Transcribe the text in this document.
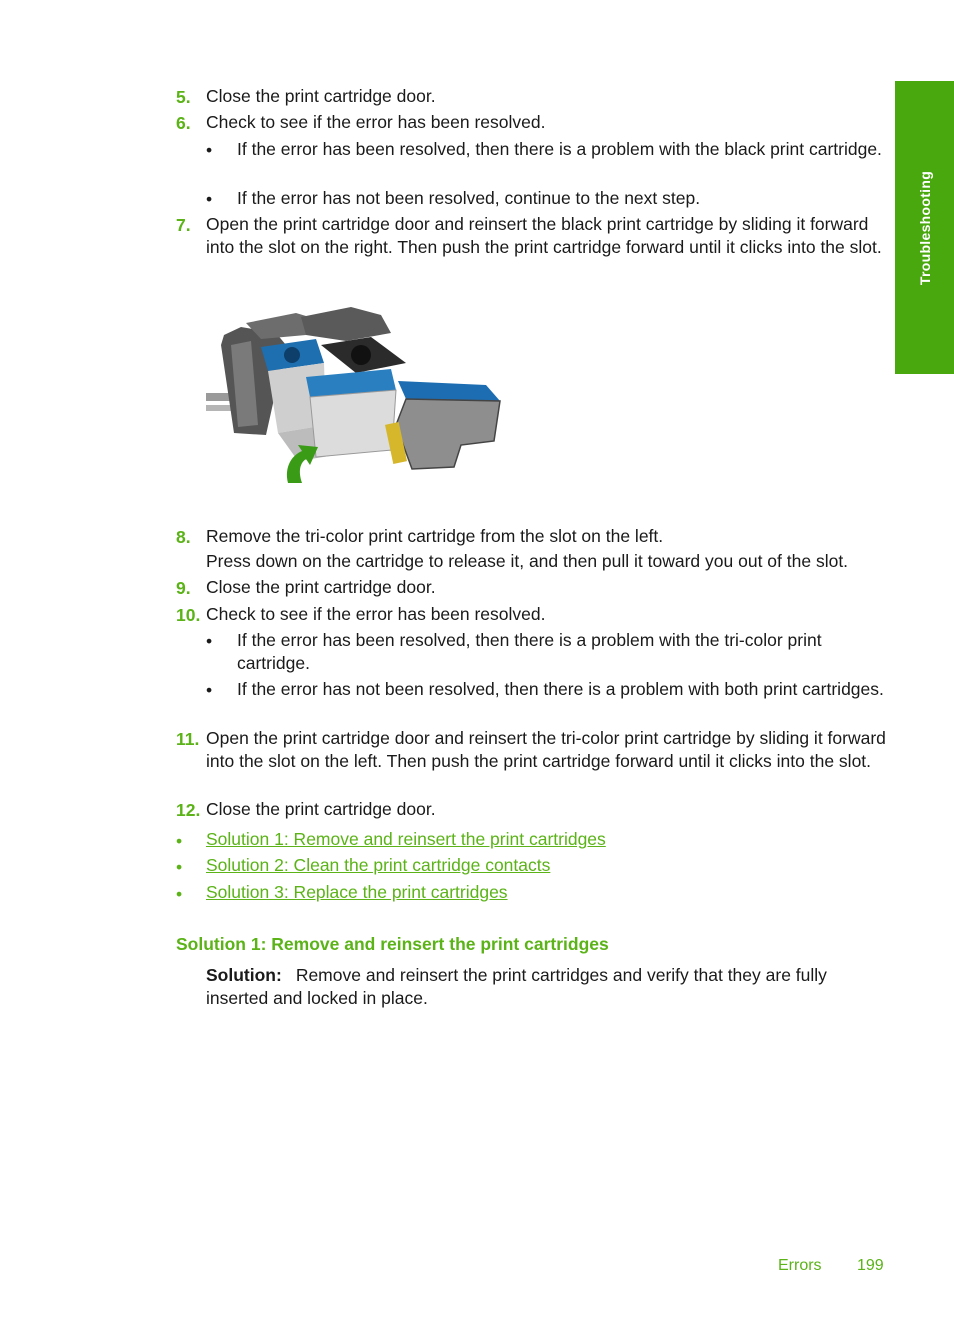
Troubleshooting
5. Close the print cartridge door.
6. Check to see if the error has been resolved.
• If the error has been resolved, then there is a problem with the black print cartridge.
• If the error has not been resolved, continue to the next step.
7. Open the print cartridge door and reinsert the black print cartridge by sliding it forward into the slot on the right. Then push the print cartridge forward until it clicks into the slot.
8. Remove the tri-color print cartridge from the slot on the left.
Press down on the cartridge to release it, and then pull it toward you out of the slot.
9. Close the print cartridge door.
10. Check to see if the error has been resolved.
• If the error has been resolved, then there is a problem with the tri-color print cartridge.
• If the error has not been resolved, then there is a problem with both print cartridges.
11. Open the print cartridge door and reinsert the tri-color print cartridge by sliding it forward into the slot on the left. Then push the print cartridge forward until it clicks into the slot.
12. Close the print cartridge door.
• Solution 1: Remove and reinsert the print cartridges
• Solution 2: Clean the print cartridge contacts
• Solution 3: Replace the print cartridges
Solution 1: Remove and reinsert the print cartridges
Solution: Remove and reinsert the print cartridges and verify that they are fully inserted and locked in place.
Errors 199
